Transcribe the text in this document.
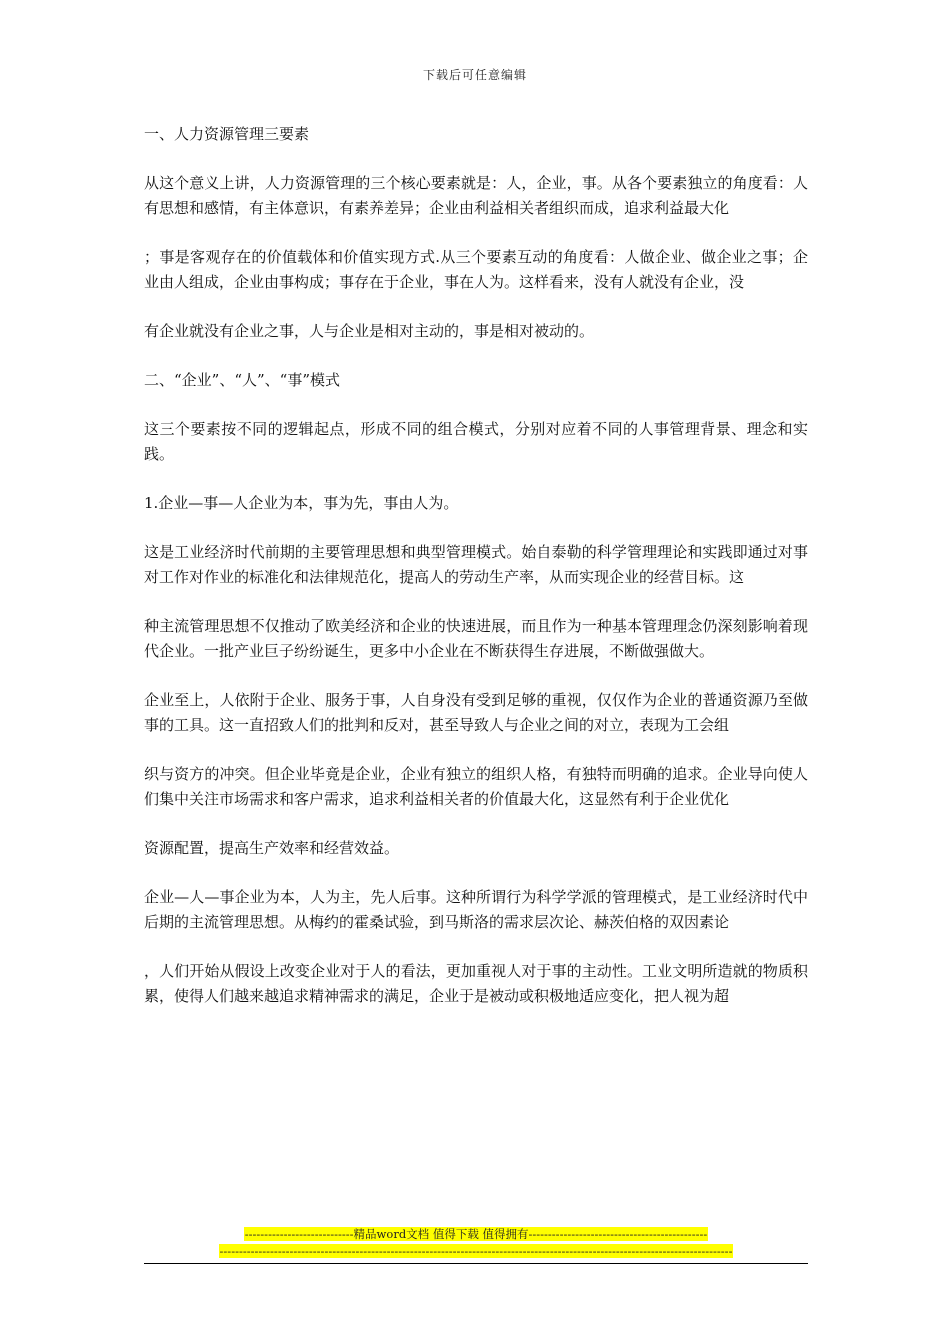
下载后可任意编辑

一、人力资源管理三要素

从这个意义上讲，人力资源管理的三个核心要素就是：人，企业，事。从各个要素独立的角度看：人有思想和感情，有主体意识，有素养差异；企业由利益相关者组织而成，追求利益最大化

；事是客观存在的价值载体和价值实现方式.从三个要素互动的角度看：人做企业、做企业之事；企业由人组成，企业由事构成；事存在于企业，事在人为。这样看来，没有人就没有企业，没

有企业就没有企业之事，人与企业是相对主动的，事是相对被动的。

二、“企业”、“人”、“事”模式

这三个要素按不同的逻辑起点，形成不同的组合模式，分别对应着不同的人事管理背景、理念和实践。

1.企业—事—人企业为本，事为先，事由人为。

这是工业经济时代前期的主要管理思想和典型管理模式。始自泰勒的科学管理理论和实践即通过对事对工作对作业的标准化和法律规范化，提高人的劳动生产率，从而实现企业的经营目标。这

种主流管理思想不仅推动了欧美经济和企业的快速进展，而且作为一种基本管理理念仍深刻影响着现代企业。一批产业巨子纷纷诞生，更多中小企业在不断获得生存进展，不断做强做大。

企业至上，人依附于企业、服务于事，人自身没有受到足够的重视，仅仅作为企业的普通资源乃至做事的工具。这一直招致人们的批判和反对，甚至导致人与企业之间的对立，表现为工会组

织与资方的冲突。但企业毕竟是企业，企业有独立的组织人格，有独特而明确的追求。企业导向使人们集中关注市场需求和客户需求，追求利益相关者的价值最大化，这显然有利于企业优化

资源配置，提高生产效率和经营效益。

企业—人—事企业为本，人为主，先人后事。这种所谓行为科学学派的管理模式，是工业经济时代中后期的主流管理思想。从梅约的霍桑试验，到马斯洛的需求层次论、赫茨伯格的双因素论

，人们开始从假设上改变企业对于人的看法，更加重视人对于事的主动性。工业文明所造就的物质积累，使得人们越来越追求精神需求的满足，企业于是被动或积极地适应变化，把人视为超

----------------------------精品word文档 值得下载 值得拥有----------------------------------------------
------------------------------------------------------------------------------------------------------------------------------------
